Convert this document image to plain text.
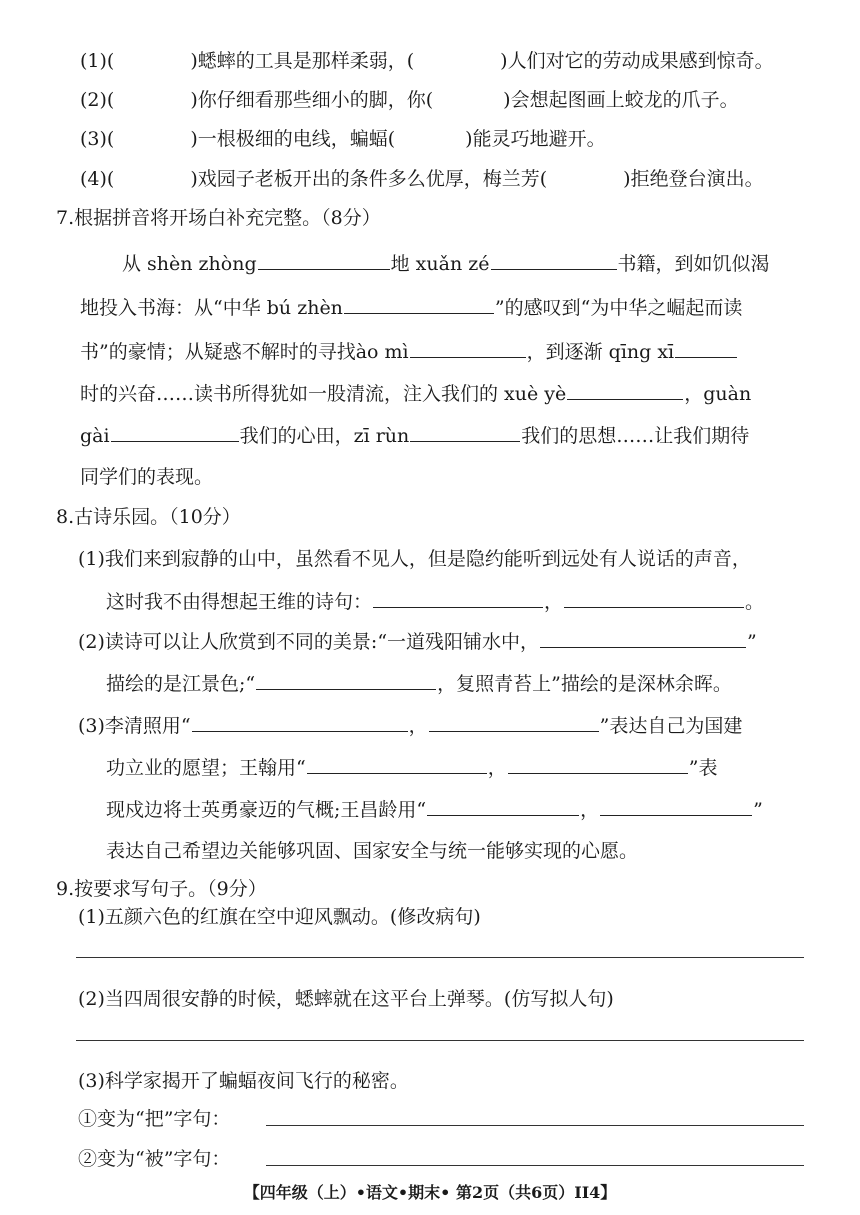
(1)(	)蟋蟀的工具是那样柔弱，(	)人们对它的劳动成果感到惊奇。
(2)(	)你仔细看那些细小的脚，你(	)会想起图画上蛟龙的爪子。
(3)(	)一根极细的电线，蝙蝠(	)能灵巧地避开。
(4)(	)戏园子老板开出的条件多么优厚，梅兰芳(	)拒绝登台演出。
7.根据拼音将开场白补充完整。（8分）
从 shèn zhòng	地 xuǎn zé	书籍，到如饥似渴
地投入书海：从“中华 bú zhèn	”的感叹到“为中华之崛起而读
书”的豪情；从疑惑不解时的寻找ào mì	，到逐渐 qīng xī
时的兴奋……读书所得犹如一股清流，注入我们的 xuè yè	，guàn
gài	我们的心田，zī rùn	我们的思想……让我们期待
同学们的表现。
8.古诗乐园。（10分）
(1)我们来到寂静的山中，虽然看不见人，但是隐约能听到远处有人说话的声音，
这时我不由得想起王维的诗句：	，	。
(2)读诗可以让人欣赏到不同的美景:“一道残阳铺水中，	”
描绘的是江景色;“	，复照青苔上”描绘的是深林余晖。
(3)李清照用“	，	”表达自己为国建
功立业的愿望；王翰用“	，	”表
现戍边将士英勇豪迈的气概;王昌龄用“	，	”
表达自己希望边关能够巩固、国家安全与统一能够实现的心愿。
9.按要求写句子。（9分）
(1)五颜六色的红旗在空中迎风飘动。(修改病句)
(2)当四周很安静的时候，蟋蟀就在这平台上弹琴。(仿写拟人句)
(3)科学家揭开了蝙蝠夜间飞行的秘密。
①变为“把”字句：
②变为“被”字句：
【四年级（上）•语文•期末• 第2页（共6页）II4】
